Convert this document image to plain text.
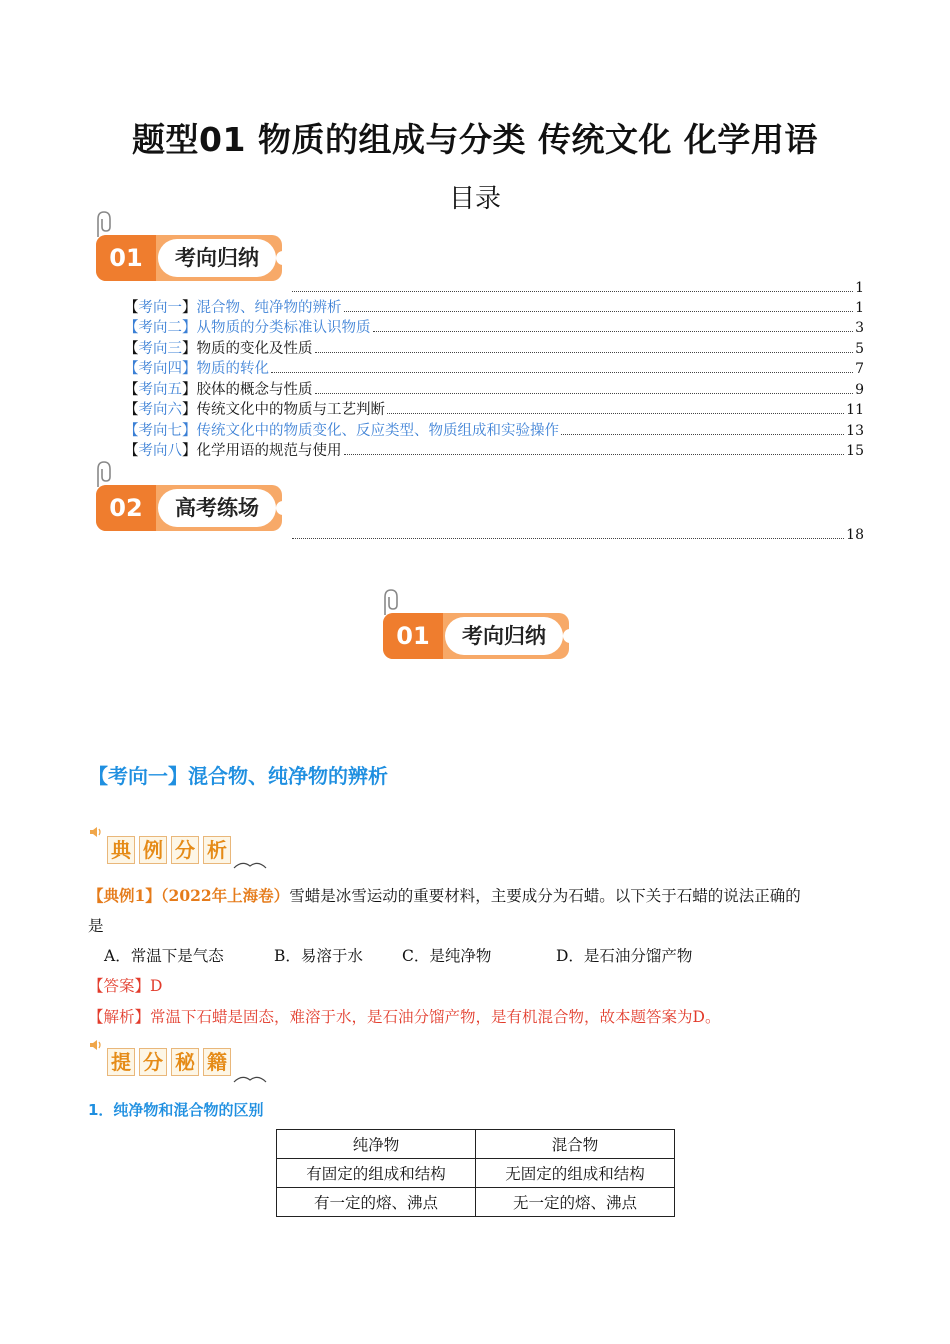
题型01 物质的组成与分类 传统文化 化学用语
目录
01	考向归纳
1
【 考向一 】 混合物、纯净物的辨析	1
【 考向二 】 从物质的分类标准认识物质	3
【 考向三 】 物质的变化及性质	5
【 考向四 】 物质的转化	7
【 考向五 】 胶体的概念与性质	9
【 考向六 】 传统文化中的物质与工艺判断	11
【 考向七 】 传统文化中的物质变化、反应类型、物质组成和实验操作	13
【 考向八 】 化学用语的规范与使用	15
02	高考练场
18
01	考向归纳
【考向一】混合物、纯净物的辨析
典 例 分 析
【典例1】（2022年上海卷）雪蜡是冰雪运动的重要材料，主要成分为石蜡。以下关于石蜡的说法正确的
是
A．常温下是气态	B．易溶于水	C．是纯净物	D．是石油分馏产物
【答案】D
【解析】常温下石蜡是固态，难溶于水，是石油分馏产物，是有机混合物，故本题答案为D。
提 分 秘 籍
1．纯净物和混合物的区别
纯净物	混合物
有固定的组成和结构	无固定的组成和结构
有一定的熔、沸点	无一定的熔、沸点
